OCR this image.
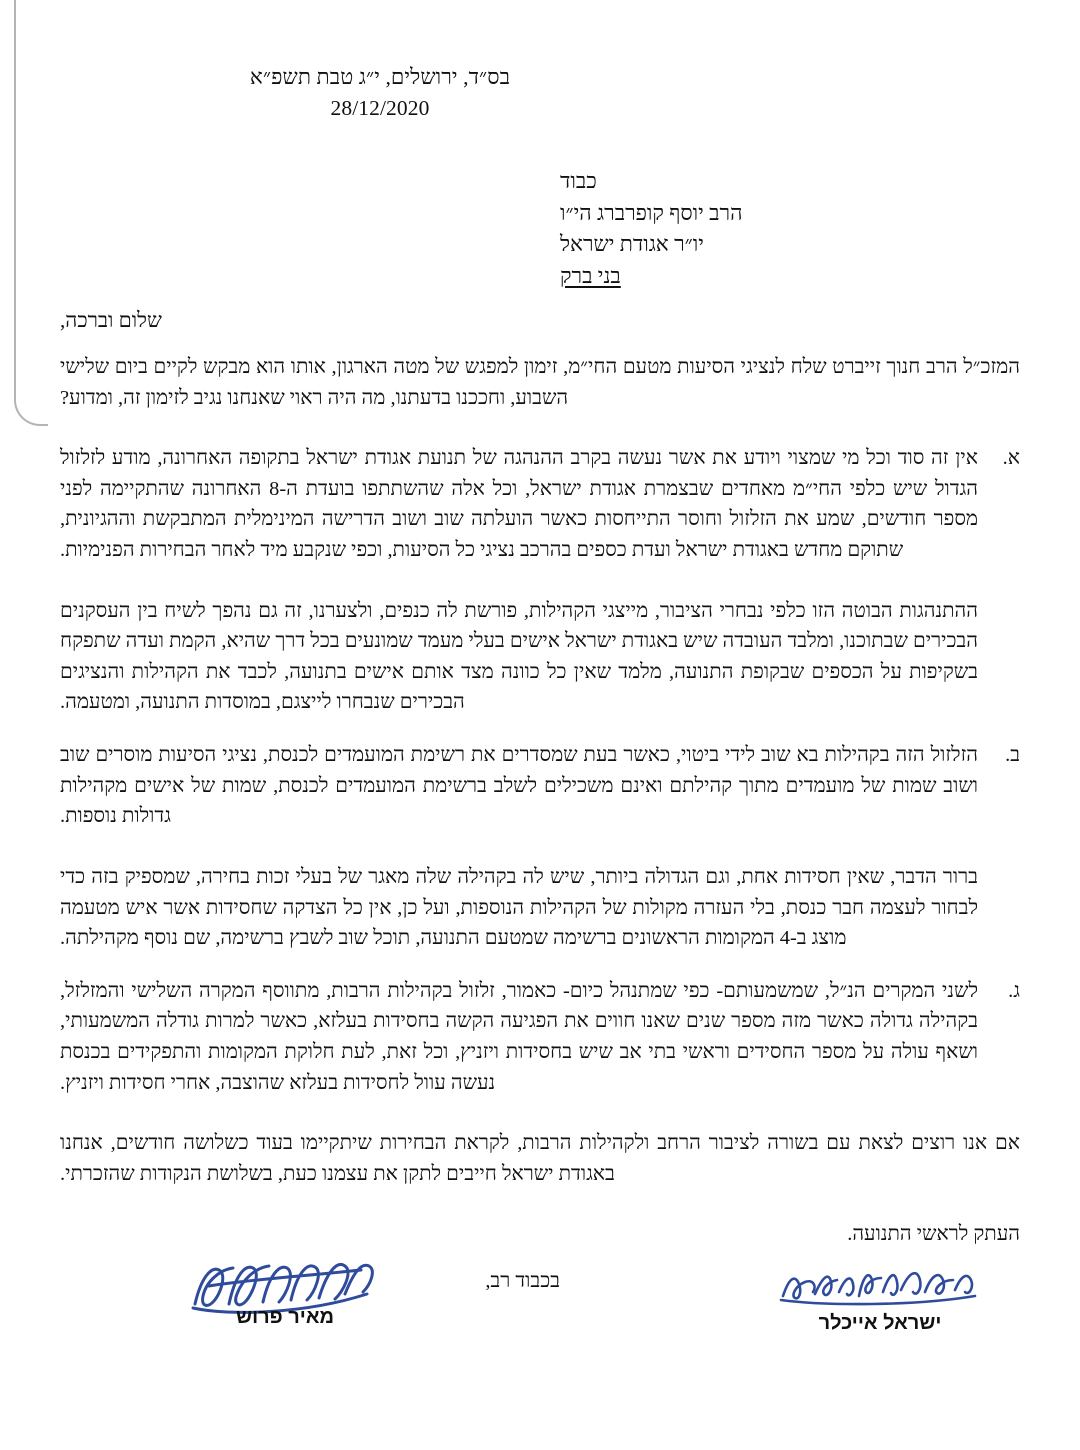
בס״ד, ירושלים, י״ג טבת תשפ״א
28/12/2020
כבוד
הרב יוסף קופרברג הי״ו
יו״ר אגודת ישראל
בני ברק
שלום וברכה,

המזכ״ל הרב חנוך זייברט שלח לנציגי הסיעות מטעם החי״מ, זימון למפגש של מטה הארגון, אותו הוא מבקש לקיים ביום שלישי השבוע, וחככנו בדעתנו, מה היה ראוי שאנחנו נגיב לזימון זה, ומדוע?

א.

אין זה סוד וכל מי שמצוי ויודע את אשר נעשה בקרב ההנהגה של תנועת אגודת ישראל בתקופה האחרונה, מודע לזלזול הגדול שיש כלפי החי״מ מאחדים שבצמרת אגודת ישראל, וכל אלה שהשתתפו בועדת ה-8 האחרונה שהתקיימה לפני מספר חודשים, שמע את הזלזול וחוסר התייחסות כאשר הועלתה שוב ושוב הדרישה המינימלית המתבקשת וההגיונית, שתוקם מחדש באגודת ישראל ועדת כספים בהרכב נציגי כל הסיעות, וכפי שנקבע מיד לאחר הבחירות הפנימיות.

ההתנהגות הבוטה הזו כלפי נבחרי הציבור, מייצגי הקהילות, פורשת לה כנפים, ולצערנו, זה גם נהפך לשיח בין העסקנים הבכירים שבתוכנו, ומלבד העובדה שיש באגודת ישראל אישים בעלי מעמד שמונעים בכל דרך שהיא, הקמת ועדה שתפקח בשקיפות על הכספים שבקופת התנועה, מלמד שאין כל כוונה מצד אותם אישים בתנועה, לכבד את הקהילות והנציגים הבכירים שנבחרו לייצגם, במוסדות התנועה, ומטעמה.

ב.

הזלזול הזה בקהילות בא שוב לידי ביטוי, כאשר בעת שמסדרים את רשימת המועמדים לכנסת, נציגי הסיעות מוסרים שוב ושוב שמות של מועמדים מתוך קהילתם ואינם משכילים לשלב ברשימת המועמדים לכנסת, שמות של אישים מקהילות גדולות נוספות.

ברור הדבר, שאין חסידות אחת, וגם הגדולה ביותר, שיש לה בקהילה שלה מאגר של בעלי זכות בחירה, שמספיק בזה כדי לבחור לעצמה חבר כנסת, בלי העזרה מקולות של הקהילות הנוספות, ועל כן, אין כל הצדקה שחסידות אשר איש מטעמה מוצג ב-4 המקומות הראשונים ברשימה שמטעם התנועה, תוכל שוב לשבץ ברשימה, שם נוסף מקהילתה.

ג.

לשני המקרים הנ״ל, שמשמעותם- כפי שמתנהל כיום- כאמור, זלזול בקהילות הרבות, מתווסף המקרה השלישי והמזלזל, בקהילה גדולה כאשר מזה מספר שנים שאנו חווים את הפגיעה הקשה בחסידות בעלזא, כאשר למרות גודלה המשמעותי, ושאף עולה על מספר החסידים וראשי בתי אב שיש בחסידות ויזניץ, וכל זאת, לעת חלוקת המקומות והתפקידים בכנסת נעשה עוול לחסידות בעלזא שהוצבה, אחרי חסידות ויזניץ.

אם אנו רוצים לצאת עם בשורה לציבור הרחב ולקהילות הרבות, לקראת הבחירות שיתקיימו בעוד כשלושה חודשים, אנחנו באגודת ישראל חייבים לתקן את עצמנו כעת, בשלושת הנקודות שהזכרתי.

העתק לראשי התנועה.

בכבוד רב,
ישראל אייכלר
מאיר פרוש
